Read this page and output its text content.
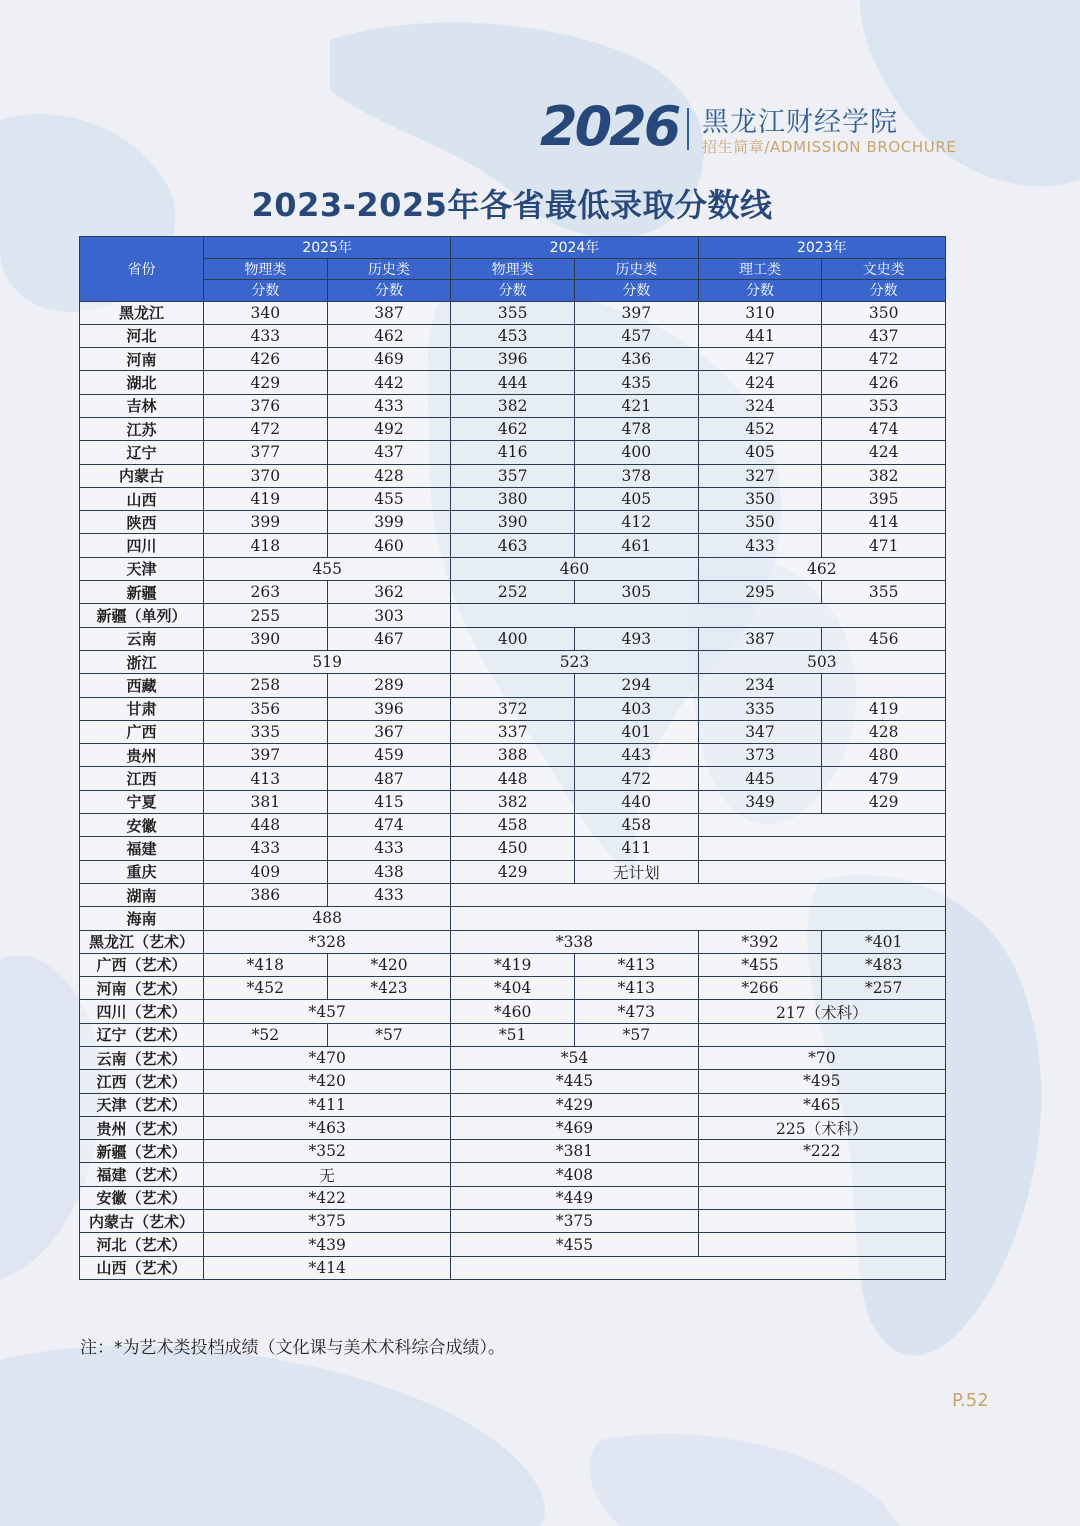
2026 黑龙江财经学院
招生简章/ADMISSION BROCHURE
2023-2025年各省最低录取分数线
省份	2025年		2024年		2023年	
	物理类	历史类	物理类	历史类	理工类	文史类
	分数	分数	分数	分数	分数	分数
黑龙江	340	387	355	397	310	350
河北	433	462	453	457	441	437
河南	426	469	396	436	427	472
湖北	429	442	444	435	424	426
吉林	376	433	382	421	324	353
江苏	472	492	462	478	452	474
辽宁	377	437	416	400	405	424
内蒙古	370	428	357	378	327	382
山西	419	455	380	405	350	395
陕西	399	399	390	412	350	414
四川	418	460	463	461	433	471
天津	455		460		462	
新疆	263	362	252	305	295	355
新疆（单列）	255	303				
云南	390	467	400	493	387	456
浙江	519		523		503	
西藏	258	289		294	234	
甘肃	356	396	372	403	335	419
广西	335	367	337	401	347	428
贵州	397	459	388	443	373	480
江西	413	487	448	472	445	479
宁夏	381	415	382	440	349	429
安徽	448	474	458	458		
福建	433	433	450	411		
重庆	409	438	429	无计划		
湖南	386	433				
海南	488					
黑龙江（艺术）	*328		*338		*392	*401
广西（艺术）	*418	*420	*419	*413	*455	*483
河南（艺术）	*452	*423	*404	*413	*266	*257
四川（艺术）	*457		*460	*473	217（术科）	
辽宁（艺术）	*52	*57	*51	*57		
云南（艺术）	*470		*54		*70	
江西（艺术）	*420		*445		*495	
天津（艺术）	*411		*429		*465	
贵州（艺术）	*463		*469		225（术科）	
新疆（艺术）	*352		*381		*222	
福建（艺术）	无		*408			
安徽（艺术）	*422		*449			
内蒙古（艺术）	*375		*375			
河北（艺术）	*439		*455			
山西（艺术）	*414					
注：*为艺术类投档成绩（文化课与美术术科综合成绩）。
P.52
